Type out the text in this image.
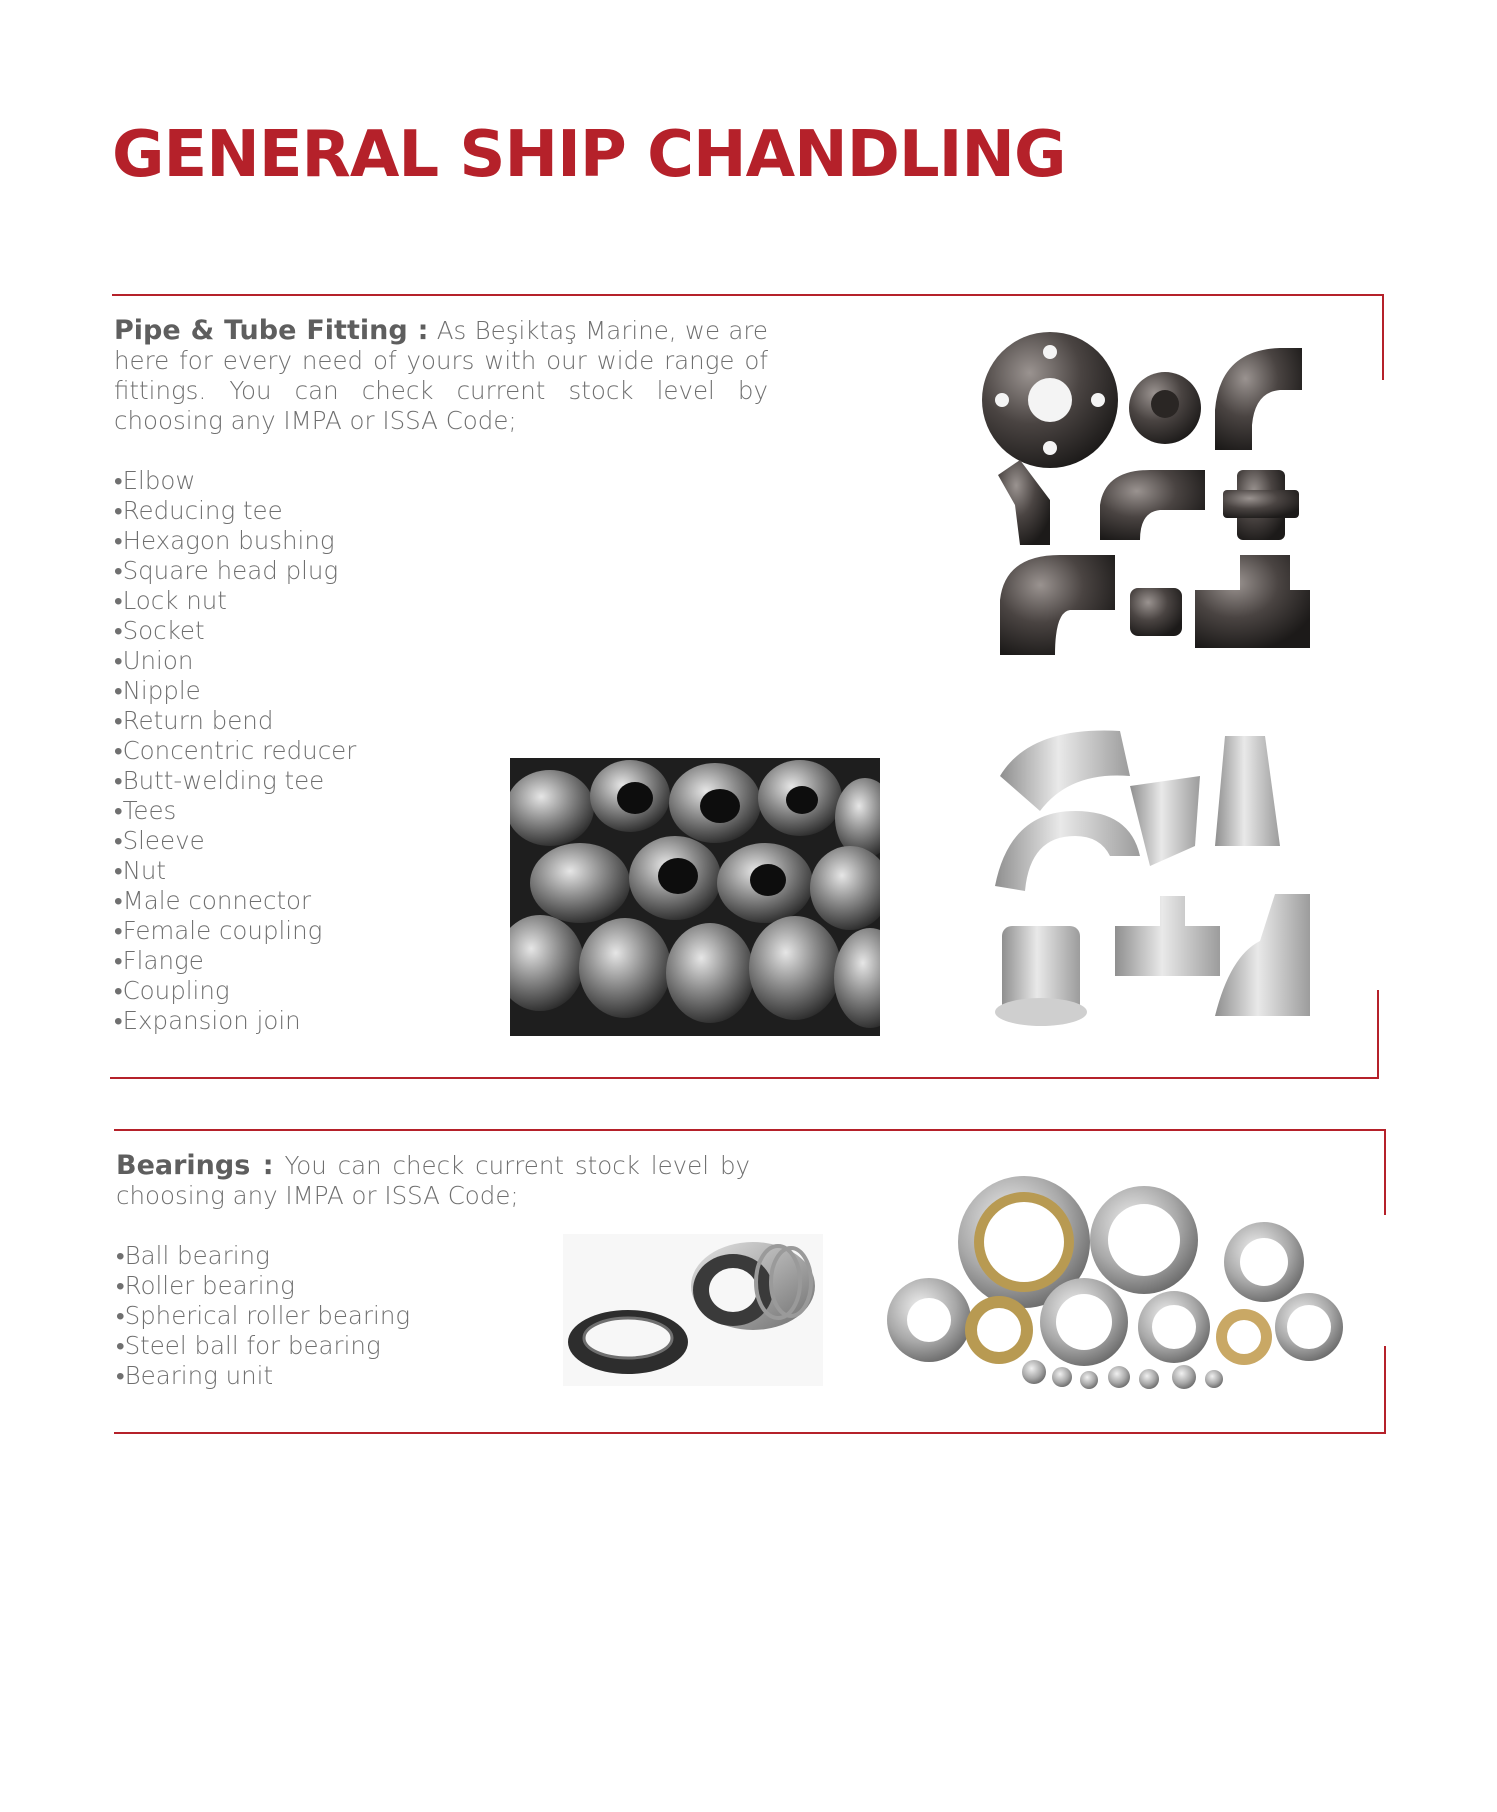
GENERAL SHIP CHANDLING
Pipe & Tube Fitting : As Beşiktaş Marine, we are here for every need of yours with our wide range of fittings. You can check current stock level by choosing any IMPA or ISSA Code;
•Elbow
•Reducing tee
•Hexagon bushing
•Square head plug
•Lock nut
•Socket
•Union
•Nipple
•Return bend
•Concentric reducer
•Butt-welding tee
•Tees
•Sleeve
•Nut
•Male connector
•Female coupling
•Flange
•Coupling
•Expansion join
Bearings : You can check current stock level by choosing any IMPA or ISSA Code;
•Ball bearing
•Roller bearing
•Spherical roller bearing
•Steel ball for bearing
•Bearing unit
